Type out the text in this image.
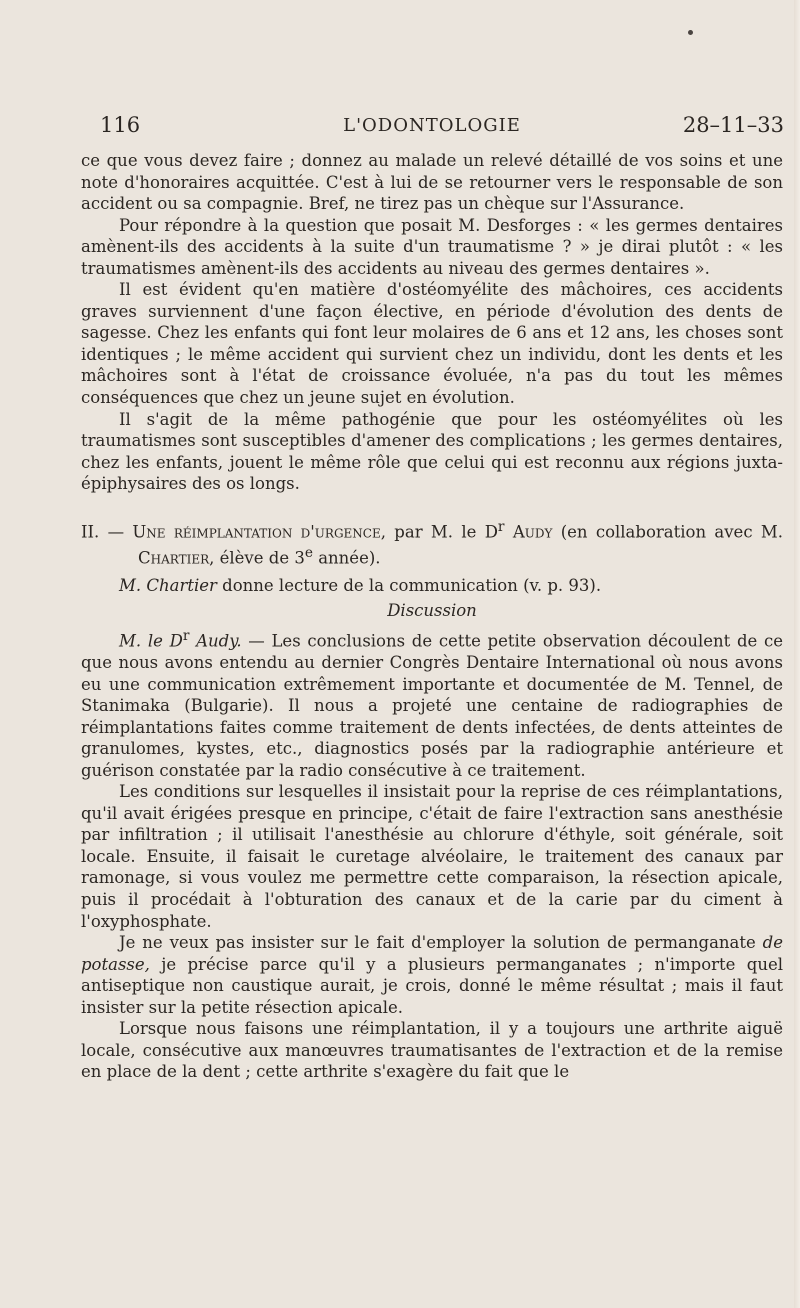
116	L'ODONTOLOGIE	28–11–33

ce que vous devez faire ; donnez au malade un relevé détaillé de vos soins et une note d'honoraires acquittée. C'est à lui de se retourner vers le responsable de son accident ou sa compagnie. Bref, ne tirez pas un chèque sur l'Assurance.

Pour répondre à la question que posait M. Desforges : « les germes dentaires amènent-ils des accidents à la suite d'un traumatisme ? » je dirai plutôt : « les traumatismes amènent-ils des accidents au niveau des germes dentaires ».

Il est évident qu'en matière d'ostéomyélite des mâchoires, ces accidents graves surviennent d'une façon élective, en période d'évolution des dents de sagesse. Chez les enfants qui font leur molaires de 6 ans et 12 ans, les choses sont identiques ; le même accident qui survient chez un individu, dont les dents et les mâchoires sont à l'état de croissance évoluée, n'a pas du tout les mêmes conséquences que chez un jeune sujet en évolution.

Il s'agit de la même pathogénie que pour les ostéomyélites où les traumatismes sont susceptibles d'amener des complications ; les germes dentaires, chez les enfants, jouent le même rôle que celui qui est reconnu aux régions juxta-épiphysaires des os longs.

II. — Une réimplantation d'urgence, par M. le $D^r$ Audy (en collaboration avec M. Chartier, élève de 3e année).

M. Chartier donne lecture de la communication (v. p. 93).

Discussion

M. le $D^r$ Audy. — Les conclusions de cette petite observation découlent de ce que nous avons entendu au dernier Congrès Dentaire International où nous avons eu une communication extrêmement importante et documentée de M. Tennel, de Stanimaka (Bulgarie). Il nous a projeté une centaine de radiographies de réimplantations faites comme traitement de dents infectées, de dents atteintes de granulomes, kystes, etc., diagnostics posés par la radiographie antérieure et guérison constatée par la radio consécutive à ce traitement.

Les conditions sur lesquelles il insistait pour la reprise de ces réimplantations, qu'il avait érigées presque en principe, c'était de faire l'extraction sans anesthésie par infiltration ; il utilisait l'anesthésie au chlorure d'éthyle, soit générale, soit locale. Ensuite, il faisait le curetage alvéolaire, le traitement des canaux par ramonage, si vous voulez me permettre cette comparaison, la résection apicale, puis il procédait à l'obturation des canaux et de la carie par du ciment à l'oxyphosphate.

Je ne veux pas insister sur le fait d'employer la solution de permanganate de potasse, je précise parce qu'il y a plusieurs permanganates ; n'importe quel antiseptique non caustique aurait, je crois, donné le même résultat ; mais il faut insister sur la petite résection apicale.

Lorsque nous faisons une réimplantation, il y a toujours une arthrite aiguë locale, consécutive aux manœuvres traumatisantes de l'extraction et de la remise en place de la dent ; cette arthrite s'exagère du fait que le
